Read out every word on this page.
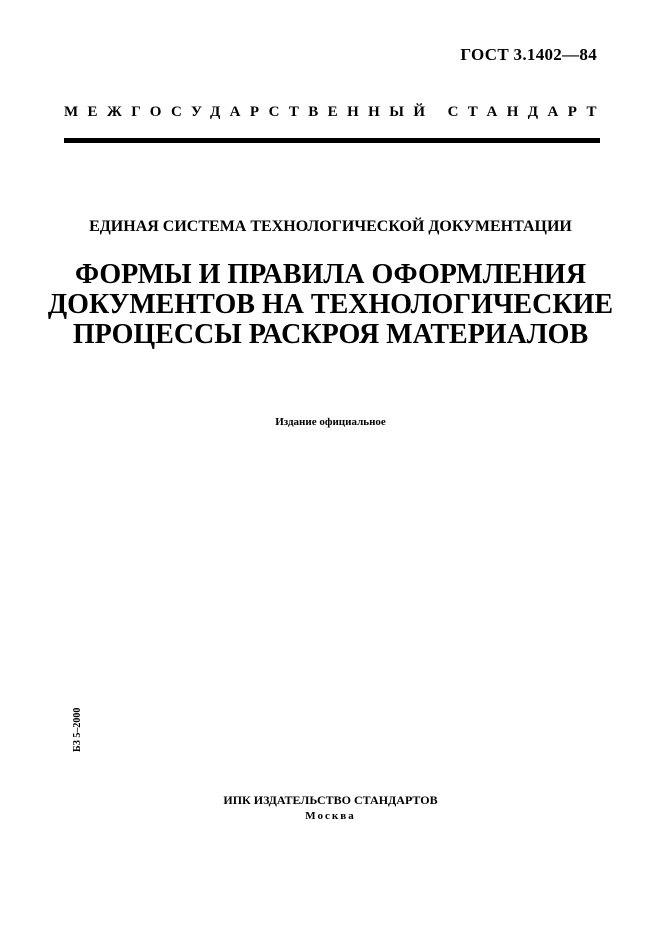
ГОСТ 3.1402—84
МЕЖГОСУДАРСТВЕННЫЙ СТАНДАРТ
ЕДИНАЯ СИСТЕМА ТЕХНОЛОГИЧЕСКОЙ ДОКУМЕНТАЦИИ
ФОРМЫ И ПРАВИЛА ОФОРМЛЕНИЯ
ДОКУМЕНТОВ НА ТЕХНОЛОГИЧЕСКИЕ
ПРОЦЕССЫ РАСКРОЯ МАТЕРИАЛОВ
Издание официальное
БЗ 5–2000
ИПК ИЗДАТЕЛЬСТВО СТАНДАРТОВ
Москва
